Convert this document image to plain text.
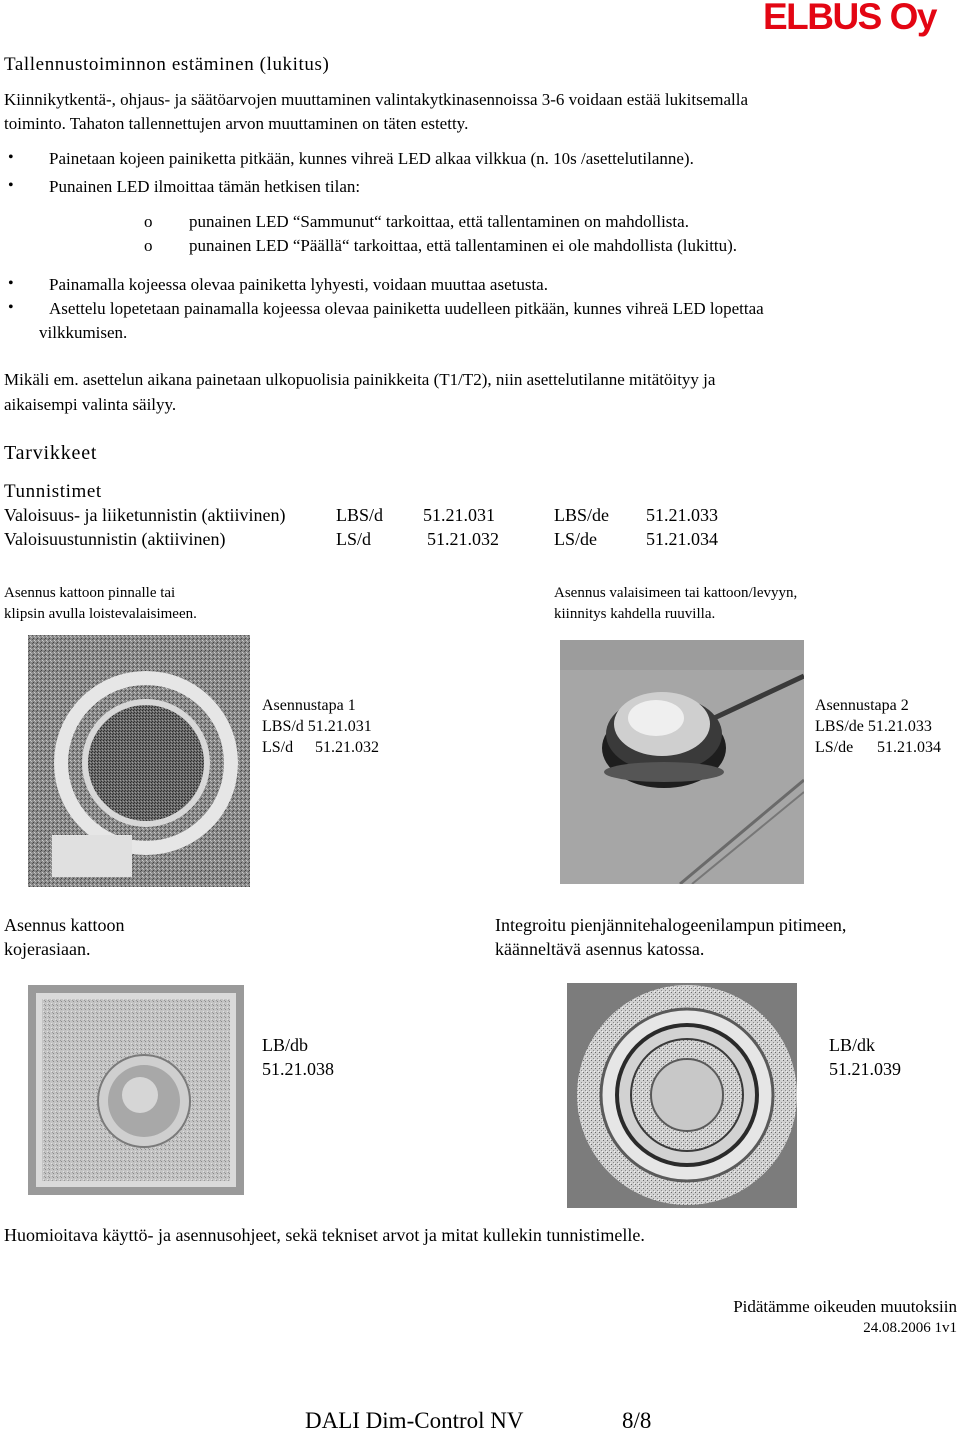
ELBUS Oy
Tallennustoiminnon estäminen (lukitus)
Kiinnikytkentä-, ohjaus- ja säätöarvojen muuttaminen valintakytkinasennoissa 3-6 voidaan estää lukitsemalla
toiminto. Tahaton tallennettujen arvon muuttaminen on täten estetty.
• Painetaan kojeen painiketta pitkään, kunnes vihreä LED alkaa vilkkua (n. 10s /asettelutilanne).
• Punainen LED ilmoittaa tämän hetkisen tilan:
o punainen LED “Sammunut“ tarkoittaa, että tallentaminen on mahdollista.
o punainen LED “Päällä“ tarkoittaa, että tallentaminen ei ole mahdollista (lukittu).
• Painamalla kojeessa olevaa painiketta lyhyesti, voidaan muuttaa asetusta.
• Asettelu lopetetaan painamalla kojeessa olevaa painiketta uudelleen pitkään, kunnes vihreä LED lopettaa
vilkkumisen.
Mikäli em. asettelun aikana painetaan ulkopuolisia painikkeita (T1/T2), niin asettelutilanne mitätöityy ja
aikaisempi valinta säilyy.
Tarvikkeet
Tunnistimet
Valoisuus- ja liiketunnistin (aktiivinen)	LBS/d 51.21.031	LBS/de 51.21.033
Valoisuustunnistin (aktiivinen)	LS/d	51.21.032	LS/de	51.21.034
Asennus kattoon pinnalle tai
klipsin avulla loistevalaisimeen.
Asennus valaisimeen tai kattoon/levyyn,
kiinnitys kahdella ruuvilla.
Asennustapa 1
LBS/d 51.21.031
LS/d 51.21.032
Asennustapa 2
LBS/de 51.21.033
LS/de 51.21.034
Asennus kattoon
kojerasiaan.
Integroitu pienjännitehalogeenilampun pitimeen,
käänneltävä asennus katossa.
LB/db
51.21.038
LB/dk
51.21.039
Huomioitava käyttö- ja asennusohjeet, sekä tekniset arvot ja mitat kullekin tunnistimelle.
Pidätämme oikeuden muutoksiin
24.08.2006 1v1
DALI Dim-Control NV	8/8
